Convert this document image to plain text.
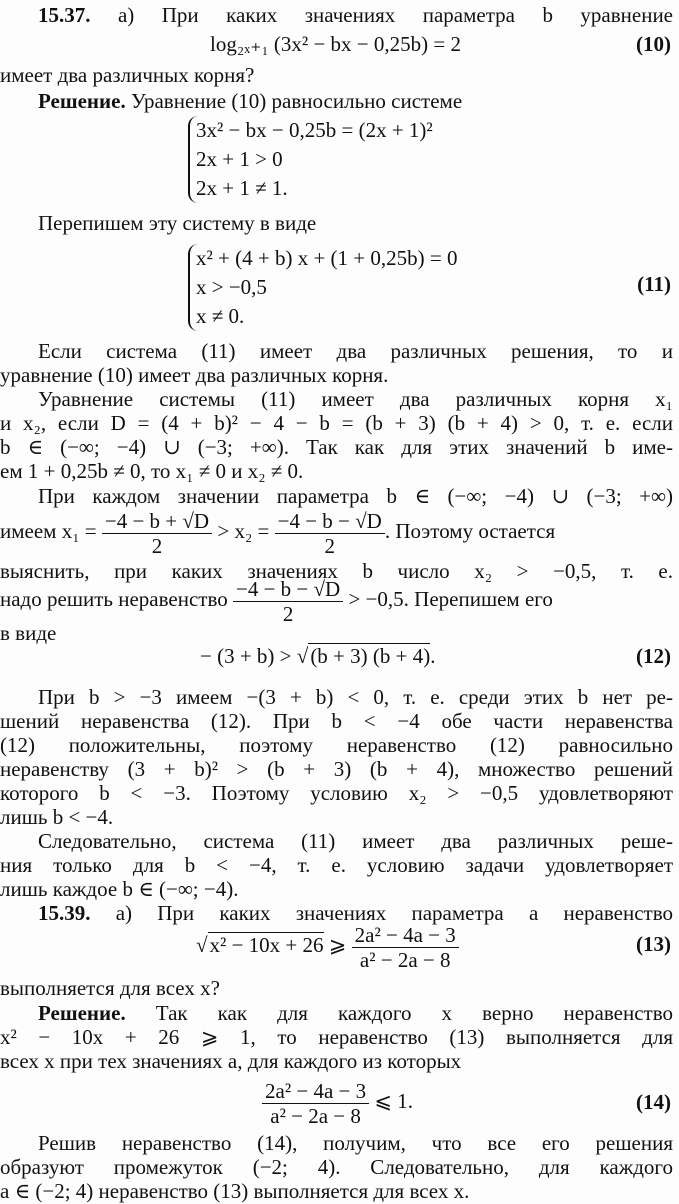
15.37. а) При каких значениях параметра b уравнение
log₂ₓ₊₁ (3x² − bx − 0,25b) = 2	(10)
имеет два различных корня?
Решение. Уравнение (10) равносильно системе
3x² − bx − 0,25b = (2x + 1)²
2x + 1 > 0
2x + 1 ≠ 1.
Перепишем эту систему в виде
x² + (4 + b) x + (1 + 0,25b) = 0
x > −0,5
x ≠ 0.
(11)
Если система (11) имеет два различных решения, то и
уравнение (10) имеет два различных корня.
Уравнение системы (11) имеет два различных корня x₁
и x₂, если D = (4 + b)² − 4 − b = (b + 3) (b + 4) > 0, т. е. если
b ∈ (−∞; −4) ∪ (−3; +∞). Так как для этих значений b име-
ем 1 + 0,25b ≠ 0, то x₁ ≠ 0 и x₂ ≠ 0.
При каждом значении параметра b ∈ (−∞; −4) ∪ (−3; +∞)
имеем $x_1 = \frac{-4 - b + √D}{2} > x_2 = \frac{-4 - b - √D}{2}$ . Поэтому остается
выяснить, при каких значениях b число x₂ > −0,5, т. е.
надо решить неравенство $\frac{-4 - b - √D}{2} > -0,5$. Перепишем его
в виде
− (3 + b) > √(b + 3) (b + 4).	(12)
При b > −3 имеем −(3 + b) < 0, т. е. среди этих b нет ре-
шений неравенства (12). При b < −4 обе части неравенства
(12) положительны, поэтому неравенство (12) равносильно
неравенству (3 + b)² > (b + 3) (b + 4), множество решений
которого b < −3. Поэтому условию x₂ > −0,5 удовлетворяют
лишь b < −4.
Следовательно, система (11) имеет два различных реше-
ния только для b < −4, т. е. условию задачи удовлетворяет
лишь каждое b ∈ (−∞; −4).
15.39. а) При каких значениях параметра a неравенство
√x² − 10x + 26 ⩾ $\frac{\text{2a² − 4a − 3}}{\text{a² − 2a − 8}}$	(13)
выполняется для всех x?
Решение. Так как для каждого x верно неравенство
x² − 10x + 26 ⩾ 1, то неравенство (13) выполняется для
всех x при тех значениях a, для каждого из которых
$\frac{\text{2a² − 4a − 3}}{\text{a² − 2a − 8}}$ ⩽ 1.	(14)
Решив неравенство (14), получим, что все его решения
образуют промежуток (−2; 4). Следовательно, для каждого
a ∈ (−2; 4) неравенство (13) выполняется для всех x.
